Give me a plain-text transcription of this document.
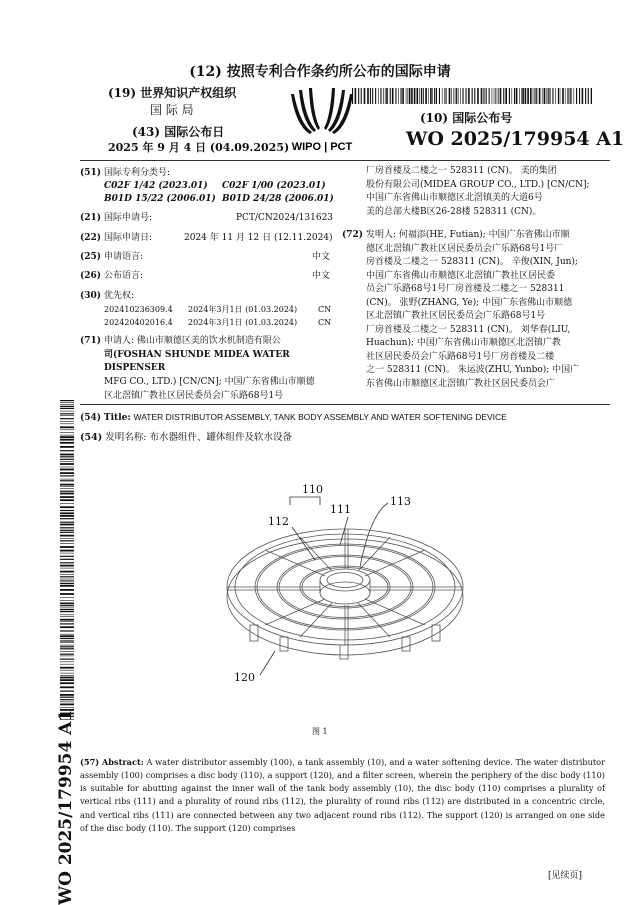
(12) 按照专利合作条约所公布的国际申请
(19) 世界知识产权组织
国 际 局
(43) 国际公布日
2025 年 9 月 4 日 (04.09.2025) WIPO | PCT
(10) 国际公布号
WO 2025/179954 A1
(51) 国际专利分类号:
C02F 1/42 (2023.01) C02F 1/00 (2023.01)
B01D 15/22 (2006.01) B01D 24/28 (2006.01)
(21) 国际申请号:	PCT/CN2024/131623
(22) 国际申请日:	2024 年 11 月 12 日 (12.11.2024)
(25) 申请语言:	中文
(26) 公布语言:	中文
(30) 优先权:
202410236309.4 2024年3月1日 (01.03.2024)	CN
202420402016.4 2024年3月1日 (01.03.2024)	CN
(71) 申请人: 佛山市顺德区美的饮水机制造有限公
司(FOSHAN SHUNDE MIDEA WATER DISPENSER
MFG CO., LTD.) [CN/CN]; 中国广东省佛山市顺德
区北滘镇广教社区居民委员会广乐路68号1号
厂房首楼及二楼之一 528311 (CN)。 美的集团
股份有限公司(MIDEA GROUP CO., LTD.) [CN/CN];
中国广东省佛山市顺德区北滘镇美的大道6号
美的总部大楼B区26-28楼 528311 (CN)。
(72) 发明人: 何福添(HE, Futian); 中国广东省佛山市顺
德区北滘镇广教社区居民委员会广乐路68号1号厂
房首楼及二楼之一 528311 (CN)。 辛俊(XIN, Jun);
中国广东省佛山市顺德区北滘镇广教社区居民委
员会广乐路68号1号厂房首楼及二楼之一 528311
(CN)。 张野(ZHANG, Ye); 中国广东省佛山市顺德
区北滘镇广教社区居民委员会广乐路68号1号
厂房首楼及二楼之一 528311 (CN)。 刘华春(LIU,
Huachun); 中国广东省佛山市顺德区北滘镇广教
社区居民委员会广乐路68号1号厂房首楼及二楼
之一 528311 (CN)。 朱运波(ZHU, Yunbo); 中国广
东省佛山市顺德区北滘镇广教社区居民委员会广
(54) Title: WATER DISTRIBUTOR ASSEMBLY, TANK BODY ASSEMBLY AND WATER SOFTENING DEVICE
(54) 发明名称: 布水器组件、罐体组件及软水设备
110
112
111
113
120
图 1
(57) Abstract: A water distributor assembly (100), a tank assembly (10), and a water softening device. The water distributor assembly (100) comprises a disc body (110), a support (120), and a filter screen, wherein the periphery of the disc body (110) is suitable for abutting against the inner wall of the tank body assembly (10), the disc body (110) comprises a plurality of vertical ribs (111) and a plurality of round ribs (112), the plurality of round ribs (112) are distributed in a concentric circle, and vertical ribs (111) are connected between any two adjacent round ribs (112). The support (120) is arranged on one side of the disc body (110). The support (120) comprises
WO 2025/179954 A1	[见续页]
